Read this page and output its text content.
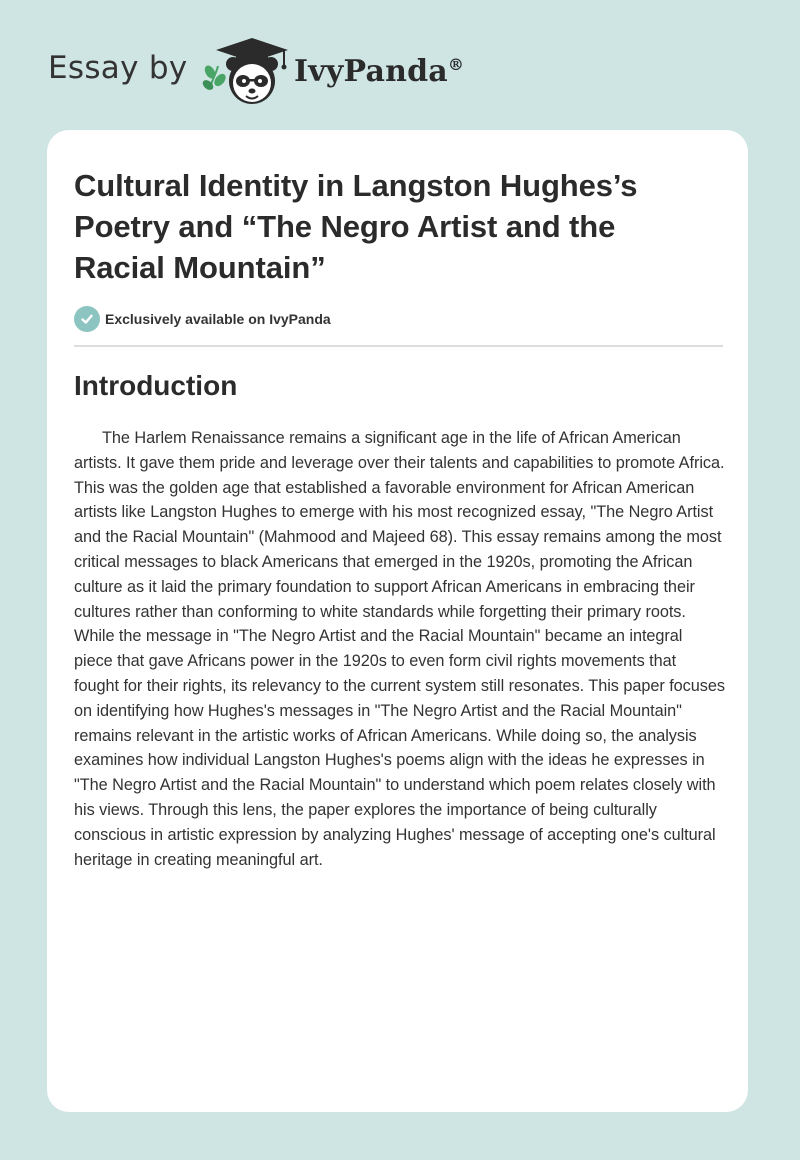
Essay by	IvyPanda®
Cultural Identity in Langston Hughes’s Poetry and “The Negro Artist and the Racial Mountain”
Exclusively available on IvyPanda
Introduction

The Harlem Renaissance remains a significant age in the life of African American artists. It gave them pride and leverage over their talents and capabilities to promote Africa. This was the golden age that established a favorable environment for African American artists like Langston Hughes to emerge with his most recognized essay, "The Negro Artist and the Racial Mountain" (Mahmood and Majeed 68). This essay remains among the most critical messages to black Americans that emerged in the 1920s, promoting the African culture as it laid the primary foundation to support African Americans in embracing their cultures rather than conforming to white standards while forgetting their primary roots. While the message in "The Negro Artist and the Racial Mountain" became an integral piece that gave Africans power in the 1920s to even form civil rights movements that fought for their rights, its relevancy to the current system still resonates. This paper focuses on identifying how Hughes's messages in "The Negro Artist and the Racial Mountain" remains relevant in the artistic works of African Americans. While doing so, the analysis examines how individual Langston Hughes's poems align with the ideas he expresses in "The Negro Artist and the Racial Mountain" to understand which poem relates closely with his views. Through this lens, the paper explores the importance of being culturally conscious in artistic expression by analyzing Hughes' message of accepting one's cultural heritage in creating meaningful art.
